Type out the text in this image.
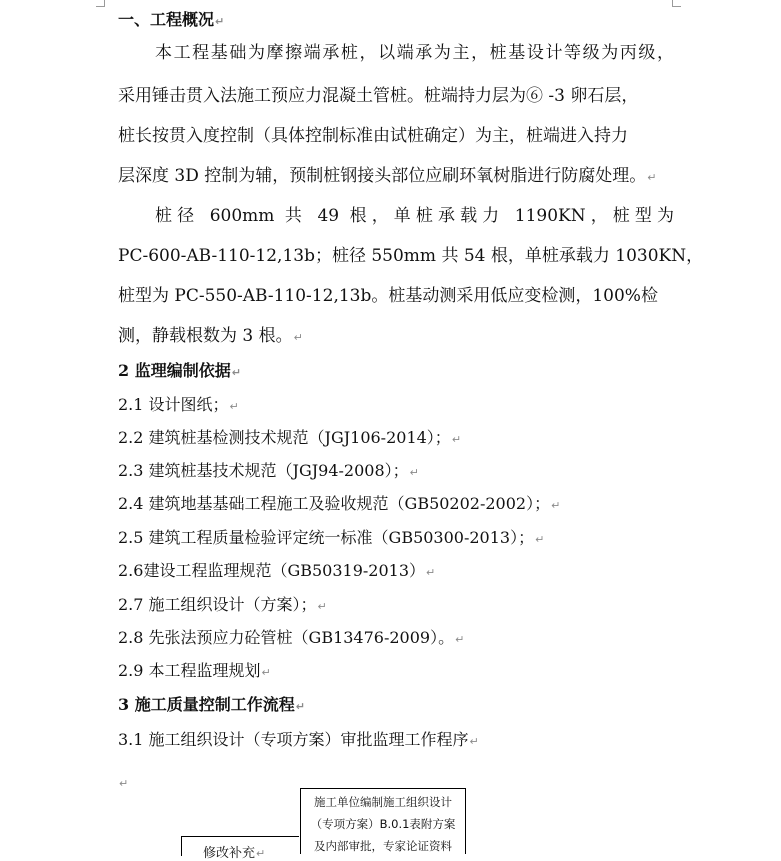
一、工程概况↵
本工程基础为摩擦端承桩，以端承为主，桩基设计等级为丙级，
采用锤击贯入法施工预应力混凝土管桩。桩端持力层为⑥ -3 卵石层，
桩长按贯入度控制（具体控制标准由试桩确定）为主，桩端进入持力
层深度 3D 控制为辅，预制桩钢接头部位应刷环氧树脂进行防腐处理。↵
桩径 600mm 共 49 根，单桩承载力 1190KN，桩型为
PC-600-AB-110-12,13b；桩径 550mm 共 54 根，单桩承载力 1030KN，
桩型为 PC-550-AB-110-12,13b。桩基动测采用低应变检测，100%检
测，静载根数为 3 根。↵
2 监理编制依据↵
2.1 设计图纸；↵
2.2 建筑桩基检测技术规范（JGJ106-2014）；↵
2.3 建筑桩基技术规范（JGJ94-2008）；↵
2.4 建筑地基基础工程施工及验收规范（GB50202-2002）；↵
2.5 建筑工程质量检验评定统一标准（GB50300-2013）；↵
2.6建设工程监理规范（GB50319-2013）↵
2.7 施工组织设计（方案）；↵
2.8 先张法预应力砼管桩（GB13476-2009）。↵
2.9 本工程监理规划↵
3 施工质量控制工作流程↵
3.1 施工组织设计（专项方案）审批监理工作程序↵
↵
施工单位编制施工组织设计
（专项方案）B.0.1表附方案
及内部审批，专家论证资料
修改补充↵
